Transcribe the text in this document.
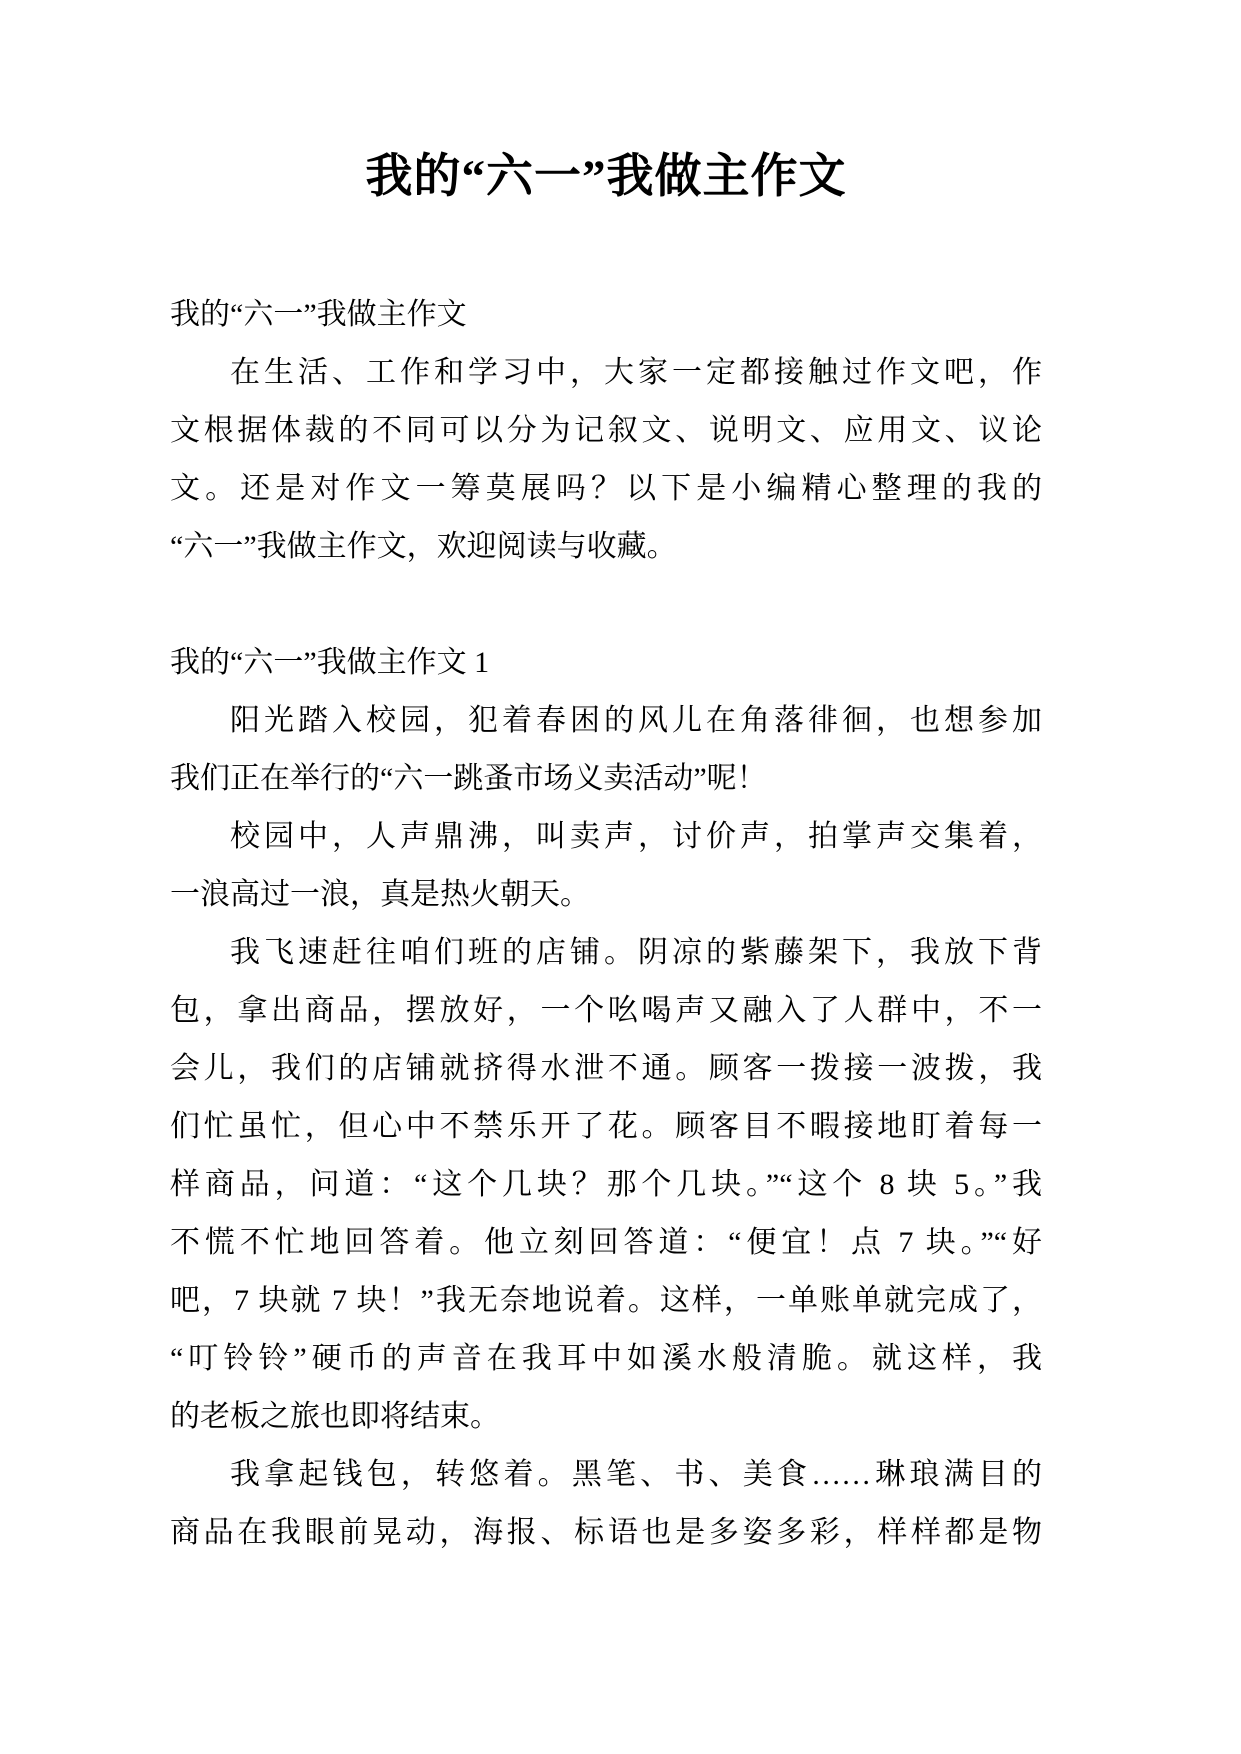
我的“六一”我做主作文
我的“六一”我做主作文
在生活、工作和学习中，大家一定都接触过作文吧，作
文根据体裁的不同可以分为记叙文、说明文、应用文、议论
文。还是对作文一筹莫展吗？以下是小编精心整理的我的
“六一”我做主作文，欢迎阅读与收藏。
我的“六一”我做主作文 1
阳光踏入校园，犯着春困的风儿在角落徘徊，也想参加
我们正在举行的“六一跳蚤市场义卖活动”呢！
校园中，人声鼎沸，叫卖声，讨价声，拍掌声交集着，
一浪高过一浪，真是热火朝天。
我飞速赶往咱们班的店铺。阴凉的紫藤架下，我放下背
包，拿出商品，摆放好，一个吆喝声又融入了人群中，不一
会儿，我们的店铺就挤得水泄不通。顾客一拨接一波拨，我
们忙虽忙，但心中不禁乐开了花。顾客目不暇接地盯着每一
样商品，问道：“这个几块？那个几块。”“这个 8 块 5。”我
不慌不忙地回答着。他立刻回答道：“便宜！点 7 块。”“好
吧，7 块就 7 块！”我无奈地说着。这样，一单账单就完成了，
“叮铃铃”硬币的声音在我耳中如溪水般清脆。就这样，我
的老板之旅也即将结束。
我拿起钱包，转悠着。黑笔、书、美食……琳琅满目的
商品在我眼前晃动，海报、标语也是多姿多彩，样样都是物
